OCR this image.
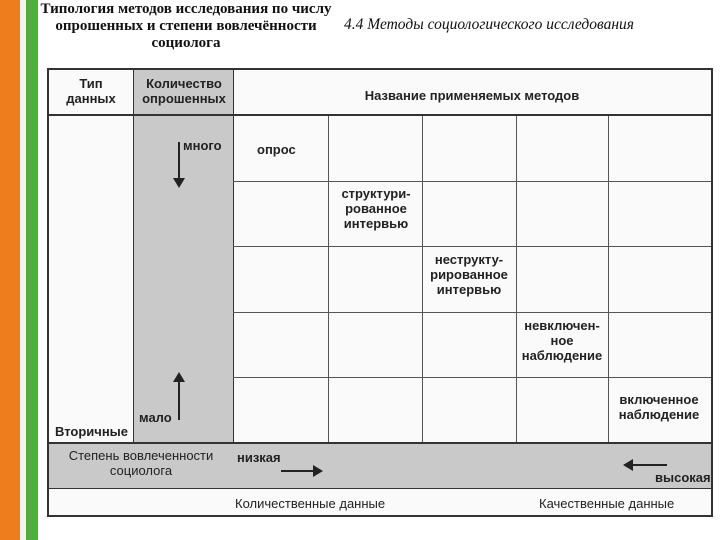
Типология методов исследования по числу опрошенных и степени вовлечённости социолога
4.4 Методы социологического исследования
Тип данных
Количество опрошенных	Название применяемых методов
много
мало
Вторичные
опрос
структури-рованное интервью
неструкту-рированное интервью
невключен-ное наблюдение
включенное наблюдение
Степень вовлеченности социолога
низкая
высокая
Количественные данные	Качественные данные
